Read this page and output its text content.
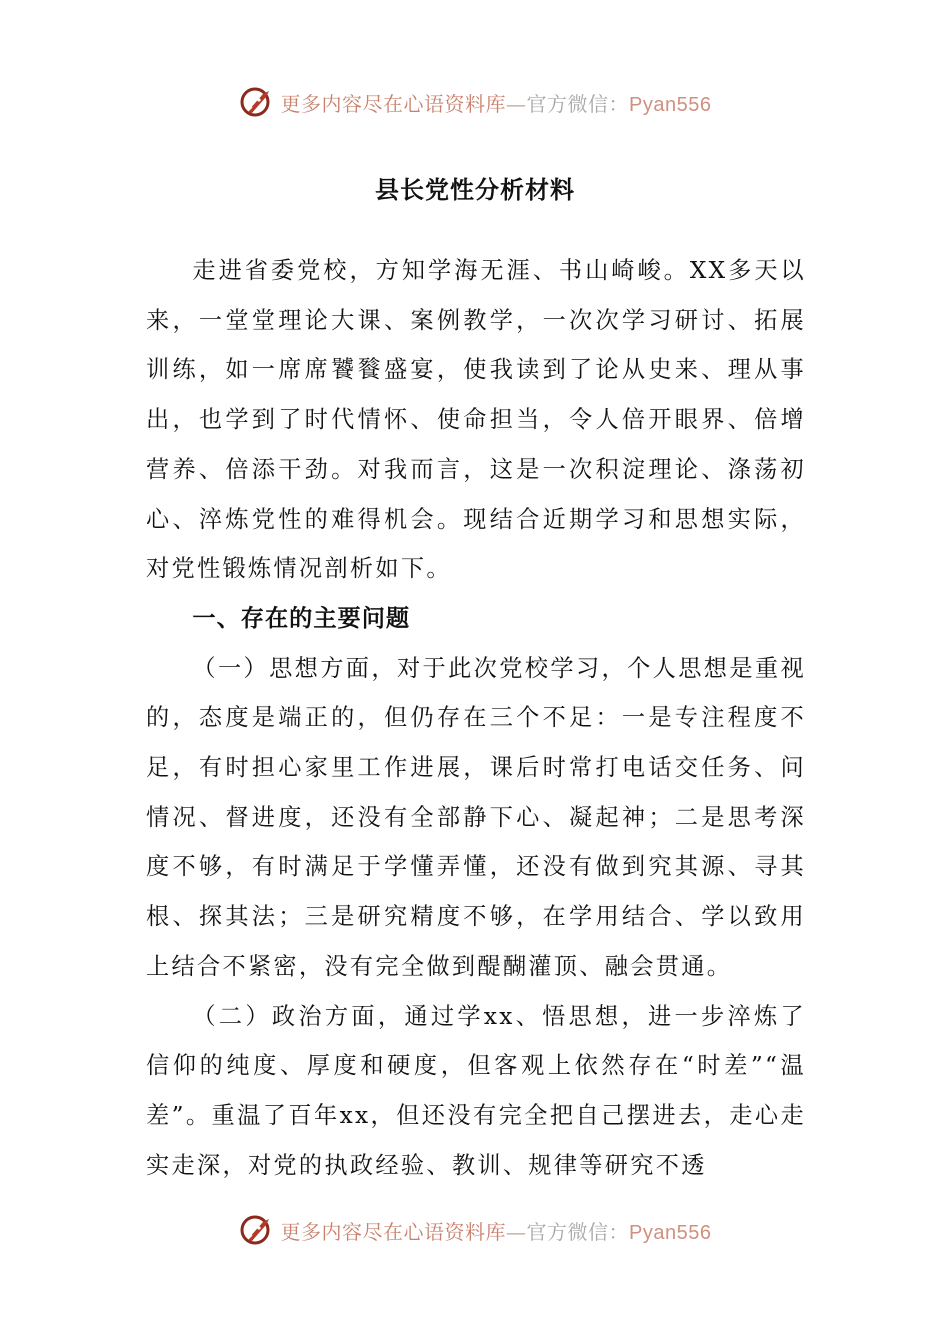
更多内容尽在心语资料库—官方微信：Pyan556
县长党性分析材料

走进省委党校，方知学海无涯、书山崎峻。XX多天以来，一堂堂理论大课、案例教学，一次次学习研讨、拓展训练，如一席席饕餮盛宴，使我读到了论从史来、理从事出，也学到了时代情怀、使命担当，令人倍开眼界、倍增营养、倍添干劲。对我而言，这是一次积淀理论、涤荡初心、淬炼党性的难得机会。现结合近期学习和思想实际，对党性锻炼情况剖析如下。

一、存在的主要问题

（一）思想方面，对于此次党校学习，个人思想是重视的，态度是端正的，但仍存在三个不足：一是专注程度不足，有时担心家里工作进展，课后时常打电话交任务、问情况、督进度，还没有全部静下心、凝起神；二是思考深度不够，有时满足于学懂弄懂，还没有做到究其源、寻其根、探其法；三是研究精度不够，在学用结合、学以致用上结合不紧密，没有完全做到醍醐灌顶、融会贯通。

（二）政治方面，通过学xx、悟思想，进一步淬炼了信仰的纯度、厚度和硬度，但客观上依然存在“时差”“温差”。重温了百年xx，但还没有完全把自己摆进去，走心走实走深，对党的执政经验、教训、规律等研究不透

更多内容尽在心语资料库—官方微信：Pyan556
